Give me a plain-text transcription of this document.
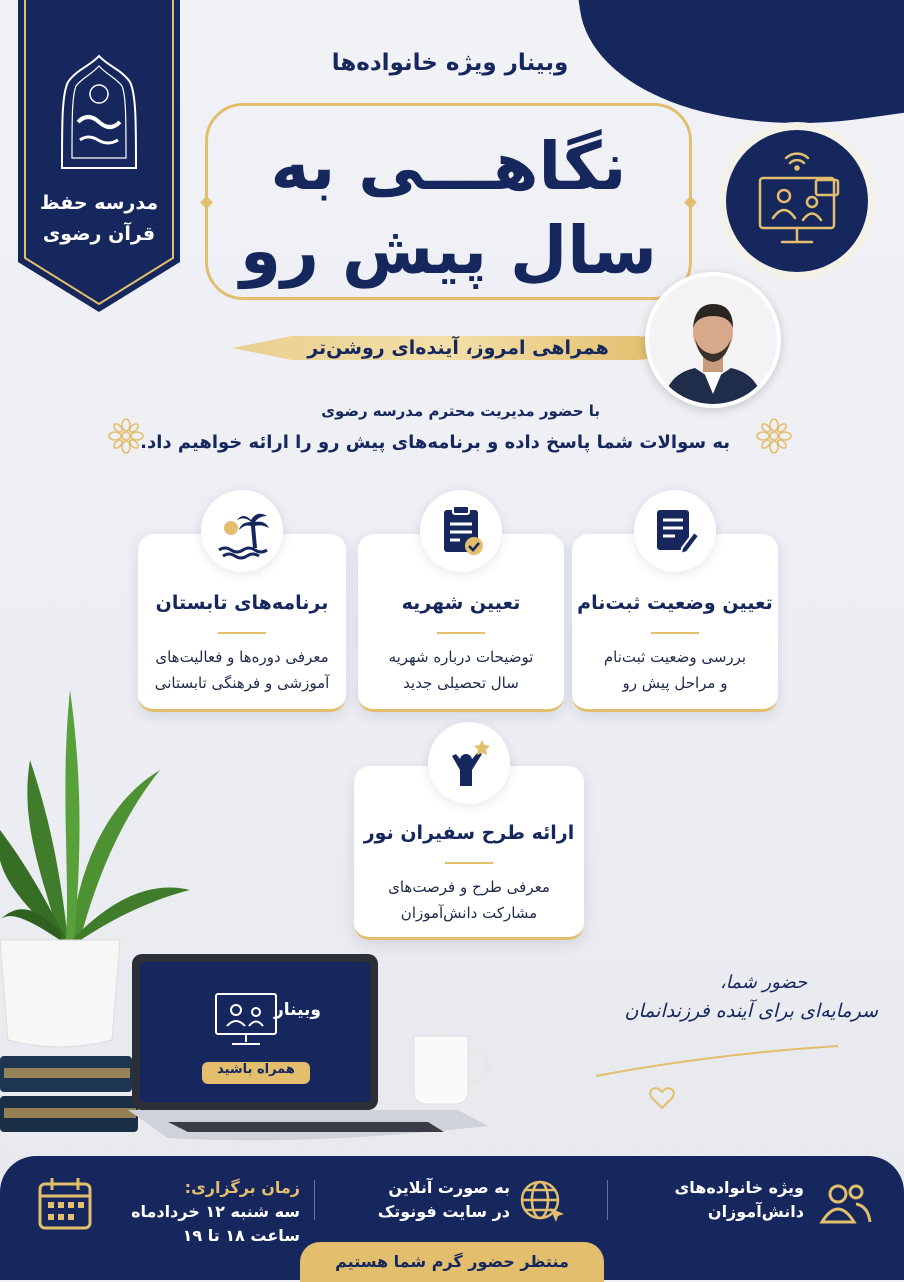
مدرسه حفظ
قرآن رضوی
وبینار ویژه خانواده‌ها
نگاهـــی به
سال پیش رو
همراهی امروز، آینده‌ای روشن‌تر
با حضور مدیریت محترم مدرسه رضوی
به سوالات شما پاسخ داده و برنامه‌های پیش رو را ارائه خواهیم داد.
تعیین وضعیت ثبت‌نام

بررسی وضعیت ثبت‌نام
و مراحل پیش رو

تعیین شهریه

توضیحات درباره شهریه
سال تحصیلی جدید

برنامه‌های تابستان

معرفی دوره‌ها و فعالیت‌های
آموزشی و فرهنگی تابستانی

ارائه طرح سفیران نور

معرفی طرح و فرصت‌های
مشارکت دانش‌آموزان

وبینار
همراه باشید
حضور شما،
سرمایه‌ای برای آینده فرزندانمان
ویژه خانواده‌های
دانش‌آموزان
به صورت آنلاین
در سایت فونوتک
زمان برگزاری:
سه شنبه ۱۲ خردادماه
ساعت ۱۸ تا ۱۹
منتظر حضور گرم شما هستیم
